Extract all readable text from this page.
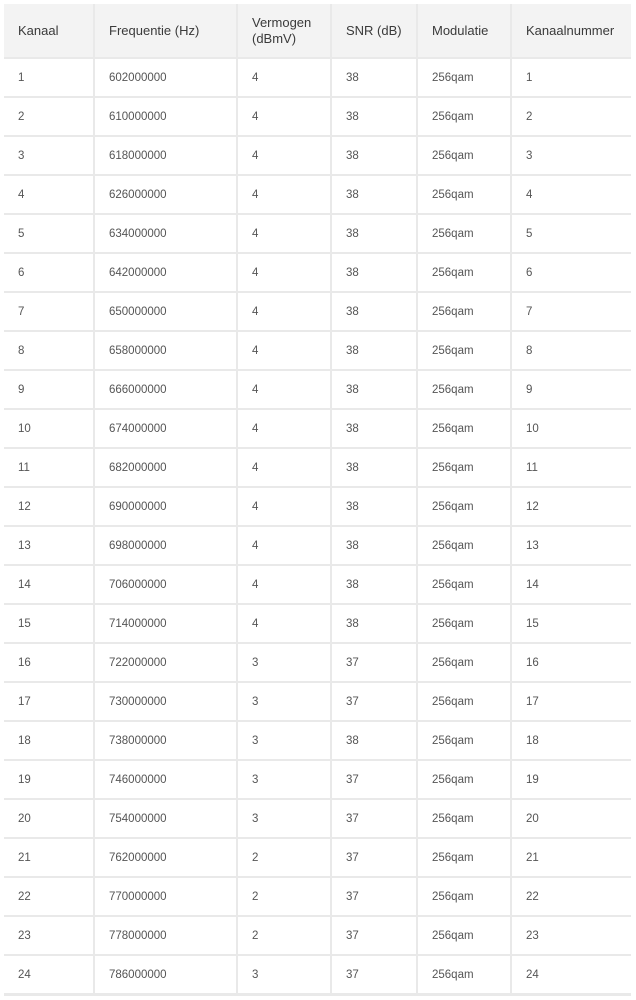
Kanaal	Frequentie (Hz)	Vermogen (dBmV)	SNR (dB)	Modulatie	Kanaalnummer
1	602000000	4	38	256qam	1
2	610000000	4	38	256qam	2
3	618000000	4	38	256qam	3
4	626000000	4	38	256qam	4
5	634000000	4	38	256qam	5
6	642000000	4	38	256qam	6
7	650000000	4	38	256qam	7
8	658000000	4	38	256qam	8
9	666000000	4	38	256qam	9
10	674000000	4	38	256qam	10
11	682000000	4	38	256qam	11
12	690000000	4	38	256qam	12
13	698000000	4	38	256qam	13
14	706000000	4	38	256qam	14
15	714000000	4	38	256qam	15
16	722000000	3	37	256qam	16
17	730000000	3	37	256qam	17
18	738000000	3	38	256qam	18
19	746000000	3	37	256qam	19
20	754000000	3	37	256qam	20
21	762000000	2	37	256qam	21
22	770000000	2	37	256qam	22
23	778000000	2	37	256qam	23
24	786000000	3	37	256qam	24
